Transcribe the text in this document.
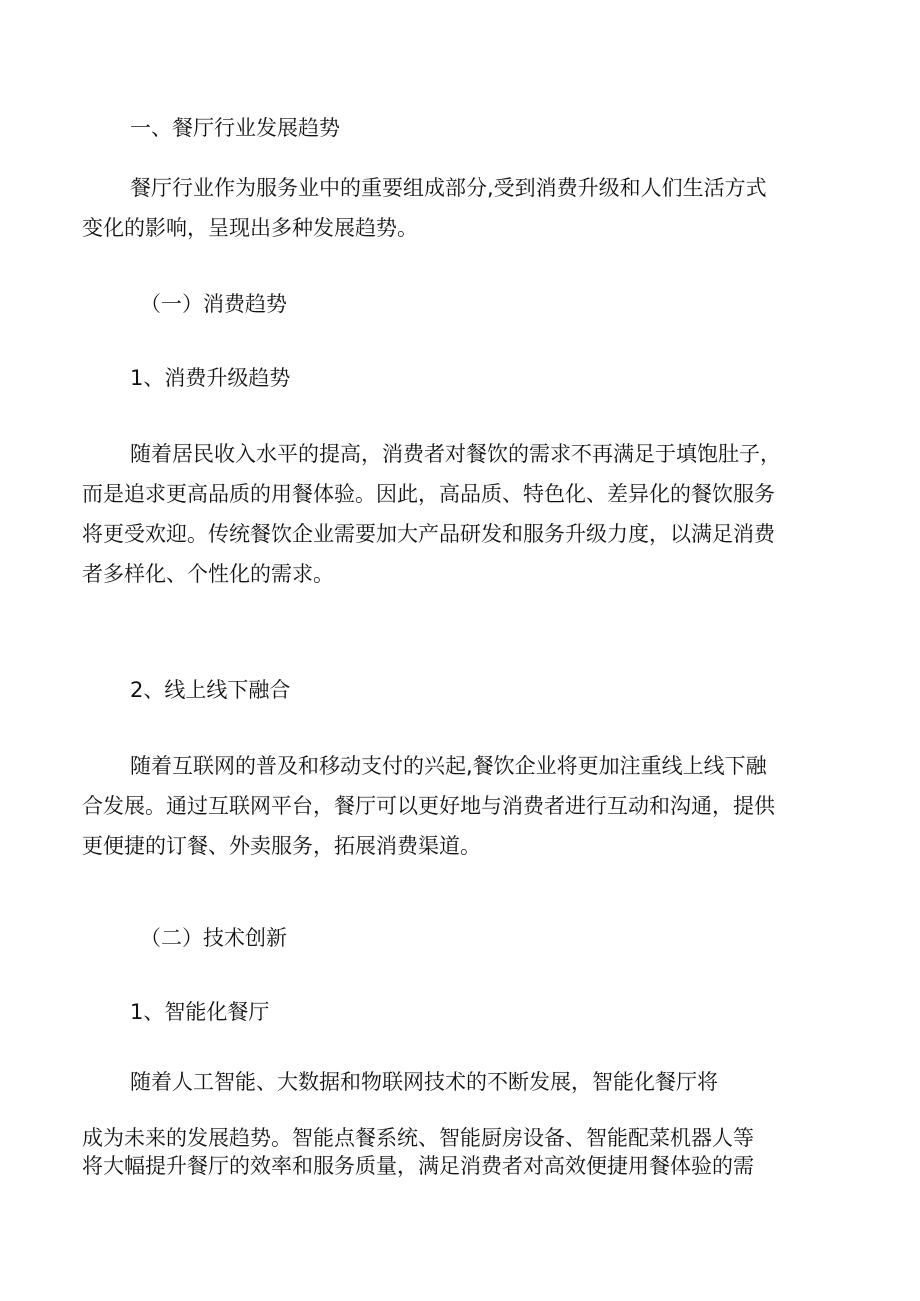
一、餐厅行业发展趋势
餐厅行业作为服务业中的重要组成部分,受到消费升级和人们生活方式
变化的影响，呈现出多种发展趋势。
（一）消费趋势
1、消费升级趋势
随着居民收入水平的提高，消费者对餐饮的需求不再满足于填饱肚子，
而是追求更高品质的用餐体验。因此，高品质、特色化、差异化的餐饮服务
将更受欢迎。传统餐饮企业需要加大产品研发和服务升级力度，以满足消费
者多样化、个性化的需求。
2、线上线下融合
随着互联网的普及和移动支付的兴起,餐饮企业将更加注重线上线下融
合发展。通过互联网平台，餐厅可以更好地与消费者进行互动和沟通，提供
更便捷的订餐、外卖服务，拓展消费渠道。
（二）技术创新
1、智能化餐厅
随着人工智能、大数据和物联网技术的不断发展，智能化餐厅将
成为未来的发展趋势。智能点餐系统、智能厨房设备、智能配菜机器人等
将大幅提升餐厅的效率和服务质量，满足消费者对高效便捷用餐体验的需
